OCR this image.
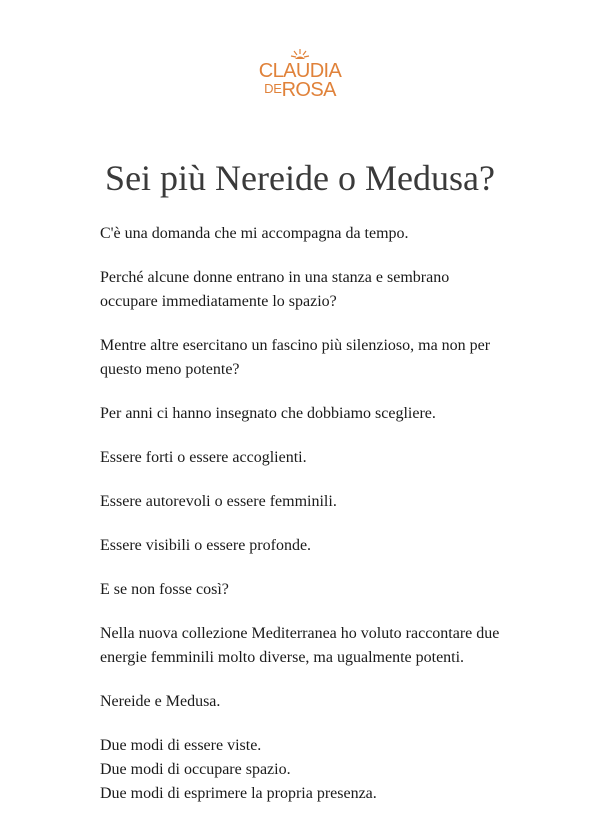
CLAUDIA
DEROSA
Sei più Nereide o Medusa?

C'è una domanda che mi accompagna da tempo.

Perché alcune donne entrano in una stanza e sembrano occupare immediatamente lo spazio?

Mentre altre esercitano un fascino più silenzioso, ma non per questo meno potente?

Per anni ci hanno insegnato che dobbiamo scegliere.

Essere forti o essere accoglienti.

Essere autorevoli o essere femminili.

Essere visibili o essere profonde.

E se non fosse così?

Nella nuova collezione Mediterranea ho voluto raccontare due energie femminili molto diverse, ma ugualmente potenti.

Nereide e Medusa.

Due modi di essere viste.
Due modi di occupare spazio.
Due modi di esprimere la propria presenza.
